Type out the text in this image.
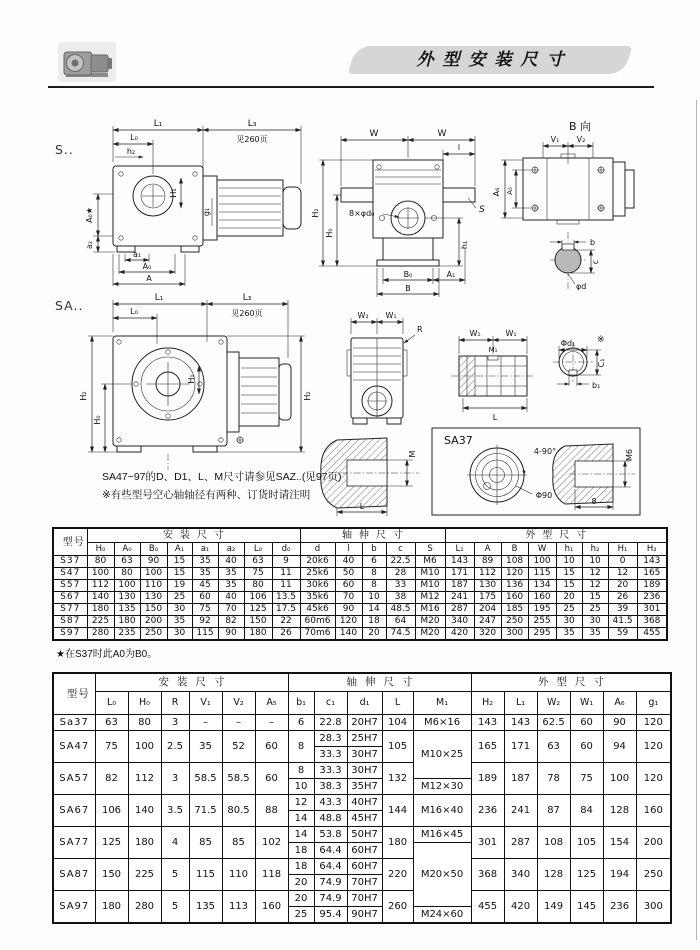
外型安装尺寸
S..
L₁	L₃
见260页
L₀
h₂
A₀★
a₂
H₁
g₁
a₁
A₀
A
W	W
l
H₂
H₀
8×φd₀
h₁
S
B₀	A₁
B
B 向
V₁ V₂
A₆ A₅
b
c
φd
SA..	L₁	L₃
见260页
L₀
H₂
H₀
H₁
H₂
W₂ W₁
R	W₁	W₁
M₁
L
Φd₁ ※
C₁
b₁
M
L
SA37
4-90°
Φ90
M6
8
SA47~97的D、D1、L、M尺寸请参见SAZ..(见97页)
※有些型号空心轴轴径有两种、订货时请注明
型号	安装尺寸								轴伸尺寸					外型尺寸							
	H₀	A₀	B₀	A₁	a₁	a₂	L₀	d₀	d	l	b	c	S	L₁	A	B	W	h₁	h₂	H₁	H₂
S37	80	63	90	15	35	40	63	9	20k6	40	6	22.5	M6	143	89	108	100	10	10	0	143
S47	100	80	100	15	35	35	75	11	25k6	50	8	28	M10	171	112	120	115	15	12	12	165
S57	112	100	110	19	45	35	80	11	30k6	60	8	33	M10	187	130	136	134	15	12	20	189
S67	140	130	130	25	60	40	106	13.5	35k6	70	10	38	M12	241	175	160	160	20	15	26	236
S77	180	135	150	30	75	70	125	17.5	45k6	90	14	48.5	M16	287	204	185	195	25	25	39	301
S87	225	180	200	35	92	82	150	22	60m6	120	18	64	M20	340	247	250	255	30	30	41.5	368
S97	280	235	250	30	115	90	180	26	70m6	140	20	74.5	M20	420	320	300	295	35	35	59	455
★在S37时此A0为B0。
型号	安装尺寸						轴伸尺寸					外型尺寸					
	L₀	H₀	R	V₁	V₂	A₅	b₁	c₁	d₁	L	M₁	H₂	L₁	W₂	W₁	A₆	g₁
Sa37	63	80	3	–	–	–	6	22.8	20H7	104	M6×16	143	143	62.5	60	90	120
SA47	75	100	2.5	35	52	60	8	28.3	25H7	105	M10×25	165	171	63	60	94	120
								33.3	30H7								
SA57	82	112	3	58.5	58.5	60	8	33.3	30H7	132		189	187	78	75	100	120
							10	38.3	35H7		M12×30						
SA67	106	140	3.5	71.5	80.5	88	12	43.3	40H7	144	M16×40	236	241	87	84	128	160
							14	48.8	45H7								
SA77	125	180	4	85	85	102	14	53.8	50H7	180	M16×45	301	287	108	105	154	200
							18	64.4	60H7		M20×50						
SA87	150	225	5	115	110	118	18	64.4	60H7	220		368	340	128	125	194	250
							20	74.9	70H7								
SA97	180	280	5	135	113	160	20	74.9	70H7	260		455	420	149	145	236	300
							25	95.4	90H7		M24×60						
